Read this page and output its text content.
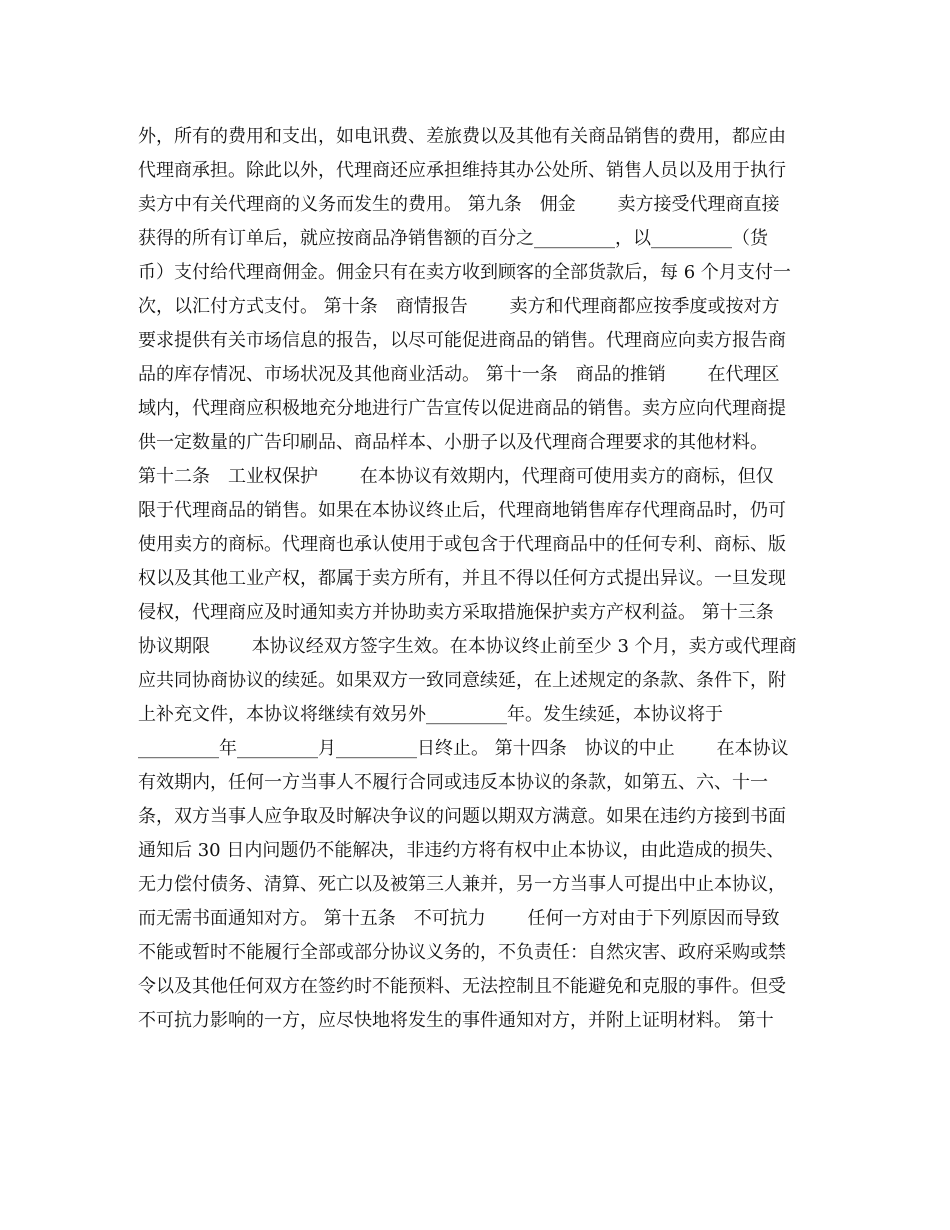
外，所有的费用和支出，如电讯费、差旅费以及其他有关商品销售的费用，都应由
代理商承担。除此以外，代理商还应承担维持其办公处所、销售人员以及用于执行
卖方中有关代理商的义务而发生的费用。 第九条　佣金　　 卖方接受代理商直接
获得的所有订单后，就应按商品净销售额的百分之_________，以_________（货
币）支付给代理商佣金。佣金只有在卖方收到顾客的全部货款后，每 6 个月支付一
次，以汇付方式支付。 第十条　商情报告　　 卖方和代理商都应按季度或按对方
要求提供有关市场信息的报告，以尽可能促进商品的销售。代理商应向卖方报告商
品的库存情况、市场状况及其他商业活动。 第十一条　商品的推销　　 在代理区
域内，代理商应积极地充分地进行广告宣传以促进商品的销售。卖方应向代理商提
供一定数量的广告印刷品、商品样本、小册子以及代理商合理要求的其他材料。
第十二条　工业权保护　　 在本协议有效期内，代理商可使用卖方的商标，但仅
限于代理商品的销售。如果在本协议终止后，代理商地销售库存代理商品时，仍可
使用卖方的商标。代理商也承认使用于或包含于代理商品中的任何专利、商标、版
权以及其他工业产权，都属于卖方所有，并且不得以任何方式提出异议。一旦发现
侵权，代理商应及时通知卖方并协助卖方采取措施保护卖方产权利益。 第十三条
协议期限　　 本协议经双方签字生效。在本协议终止前至少 3 个月，卖方或代理商
应共同协商协议的续延。如果双方一致同意续延，在上述规定的条款、条件下，附
上补充文件，本协议将继续有效另外_________年。发生续延，本协议将于
_________年_________月_________日终止。 第十四条　协议的中止　　 在本协议
有效期内，任何一方当事人不履行合同或违反本协议的条款，如第五、六、十一
条，双方当事人应争取及时解决争议的问题以期双方满意。如果在违约方接到书面
通知后 30 日内问题仍不能解决，非违约方将有权中止本协议，由此造成的损失、
无力偿付债务、清算、死亡以及被第三人兼并，另一方当事人可提出中止本协议，
而无需书面通知对方。 第十五条　不可抗力　　 任何一方对由于下列原因而导致
不能或暂时不能履行全部或部分协议义务的，不负责任：自然灾害、政府采购或禁
令以及其他任何双方在签约时不能预料、无法控制且不能避免和克服的事件。但受
不可抗力影响的一方，应尽快地将发生的事件通知对方，并附上证明材料。 第十
